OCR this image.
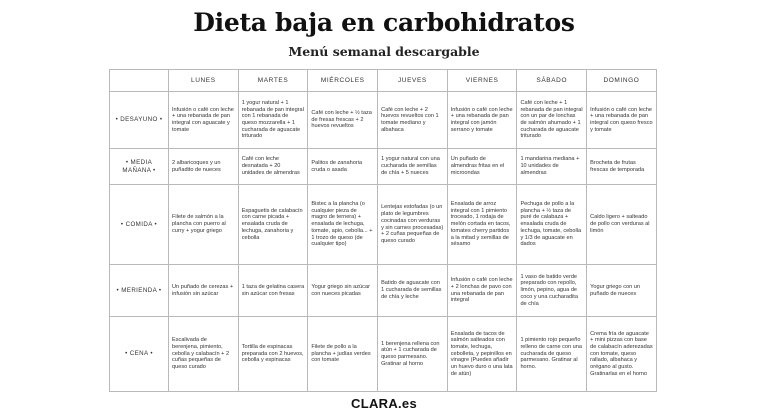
Dieta baja en carbohidratos
Menú semanal descargable
	LUNES	MARTES	MIÉRCOLES	JUEVES	VIERNES	SÁBADO	DOMINGO
• DESAYUNO •	Infusión o café con leche + una rebanada de pan integral con aguacate y tomate	1 yogur natural + 1 rebanada de pan integral con 1 rebanada de queso mozzarella + 1 cucharada de aguacate triturado	Café con leche + ½ taza de fresas frescas + 2 huevos revueltos	Café con leche + 2 huevos revueltos con 1 tomate mediano y albahaca	Infusión o café con leche + una rebanada de pan integral con jamón serrano y tomate	Café con leche + 1 rebanada de pan integral con un par de lonchas de salmón ahumado + 1 cucharada de aguacate triturado	Infusión o café con leche + una rebanada de pan integral con queso fresco y tomate
• MEDIA MAÑANA •	2 albaricoques y un puñadito de nueces	Café con leche desnatada + 20 unidades de almendras	Palitos de zanahoria cruda o asada	1 yogur natural con una cucharada de semillas de chía + 5 nueces	Un puñado de almendras fritas en el microondas	1 mandarina mediana + 10 unidades de almendras	Brocheta de frutas frescas de temporada
• COMIDA •	Filete de salmón a la plancha con puerro al curry + yogur griego	Espaguetis de calabacín con carne picada + ensalada cruda de lechuga, zanahoria y cebolla	Bistec a la plancha (o cualquier pieza de magro de ternera) + ensalada de lechuga, tomate, apio, cebolla... + 1 trozo de queso (de cualquier tipo)	Lentejas estofadas (o un plato de legumbres cocinadas con verduras y sin carnes procesadas) + 2 cuñas pequeñas de queso curado	Ensalada de arroz integral con 1 pimiento troceado, 1 rodaja de melón cortada en tacos, tomates cherry partidos a la mitad y semillas de sésamo	Pechuga de pollo a la plancha + ½ taza de puré de calabaza + ensalada cruda de lechuga, tomate, cebolla y 1/3 de aguacate en dados	Caldo ligero + salteado de pollo con verduras al limón
• MERIENDA •	Un puñado de cerezas + infusión sin azúcar	1 taza de gelatina casera sin azúcar con fresas	Yogur griego sin azúcar con nueces picadas	Batido de aguacate con 1 cucharada de semillas de chía y leche	Infusión o café con leche + 2 lonchas de pavo con una rebanada de pan integral	1 vaso de batido verde preparado con repollo, limón, pepino, agua de coco y una cucharadita de chía	Yogur griego con un puñado de nueces
• CENA •	Escalivada de berenjena, pimiento, cebolla y calabacín + 2 cuñas pequeñas de queso curado	Tortilla de espinacas preparada con 2 huevos, cebolla y espinacas	Filete de pollo a la plancha + judías verdes con tomate	1 berenjena rellena con atún + 1 cucharada de queso parmesano. Gratinar al horno	Ensalada de tacos de salmón salteados con tomate, lechuga, cebolleta, y pepinillos en vinagre (Puedes añadir un huevo duro o una lata de atún)	1 pimiento rojo pequeño relleno de carne con una cucharada de queso parmesano. Gratinar al horno.	Crema fría de aguacate + mini pizzas con base de calabacín aderezadas con tomate, queso rallado, albahaca y orégano al gusto. Gratinarlas en el horno
CLARA.es
